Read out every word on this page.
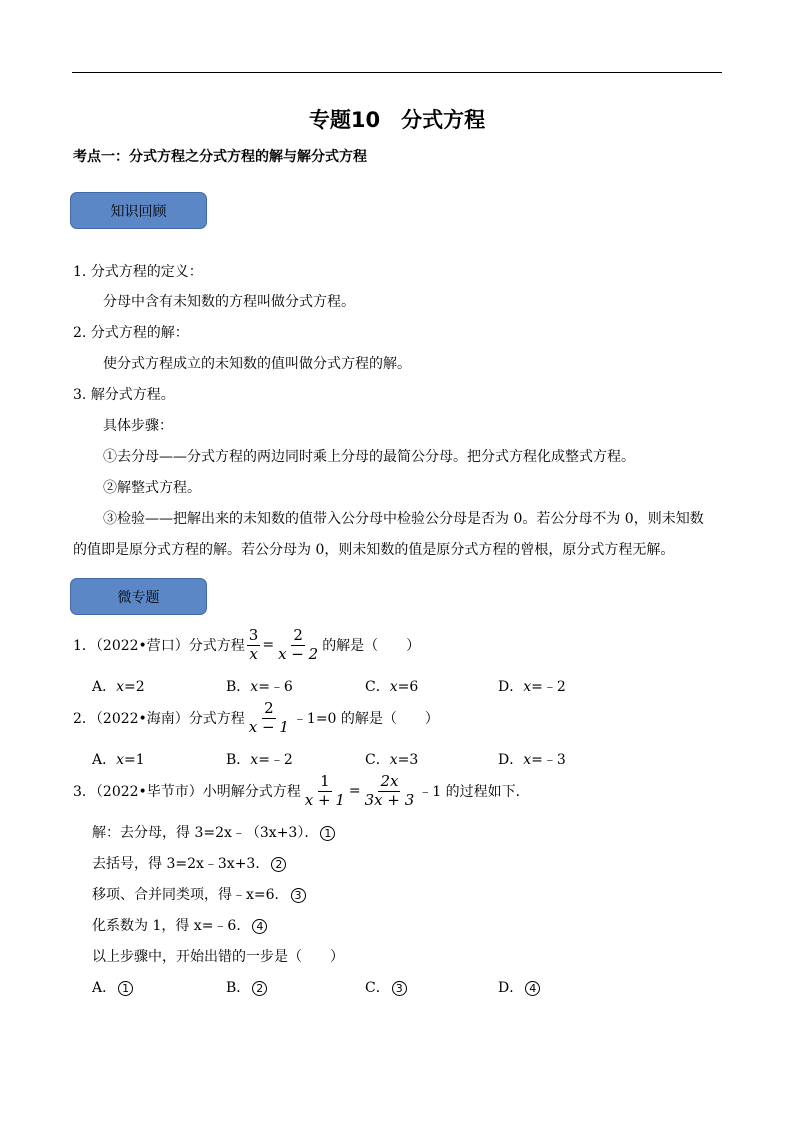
专题10　分式方程
考点一：分式方程之分式方程的解与解分式方程
知识回顾
1. 分式方程的定义：
分母中含有未知数的方程叫做分式方程。
2. 分式方程的解：
使分式方程成立的未知数的值叫做分式方程的解。
3. 解分式方程。
具体步骤：
①去分母——分式方程的两边同时乘上分母的最简公分母。把分式方程化成整式方程。
②解整式方程。
③检验——把解出来的未知数的值带入公分母中检验公分母是否为 0。若公分母不为 0，则未知数
的值即是原分式方程的解。若公分母为 0，则未知数的值是原分式方程的曾根，原分式方程无解。
微专题
1．（2022•营口）分式方程 $\frac{3}{x} = \frac{2}{x - 2}$ 的解是（　　）
A．x=2	B．x=﹣6	C．x=6	D．x=﹣2
2．（2022•海南）分式方程 $\frac{2}{x - 1}$ ﹣1=0 的解是（　　）
A．x=1	B．x=﹣2	C．x=3	D．x=﹣3
3．（2022•毕节市）小明解分式方程 $\frac{1}{x + 1} = \frac{2x}{3x + 3}$ ﹣1 的过程如下．
解：去分母，得 3=2x﹣（3x+3）． 1
去括号，得 3=2x﹣3x+3． 2
移项、合并同类项，得﹣x=6． 3
化系数为 1，得 x=﹣6． 4
以上步骤中，开始出错的一步是（　　）
A． 1	B． 2	C． 3	D． 4
